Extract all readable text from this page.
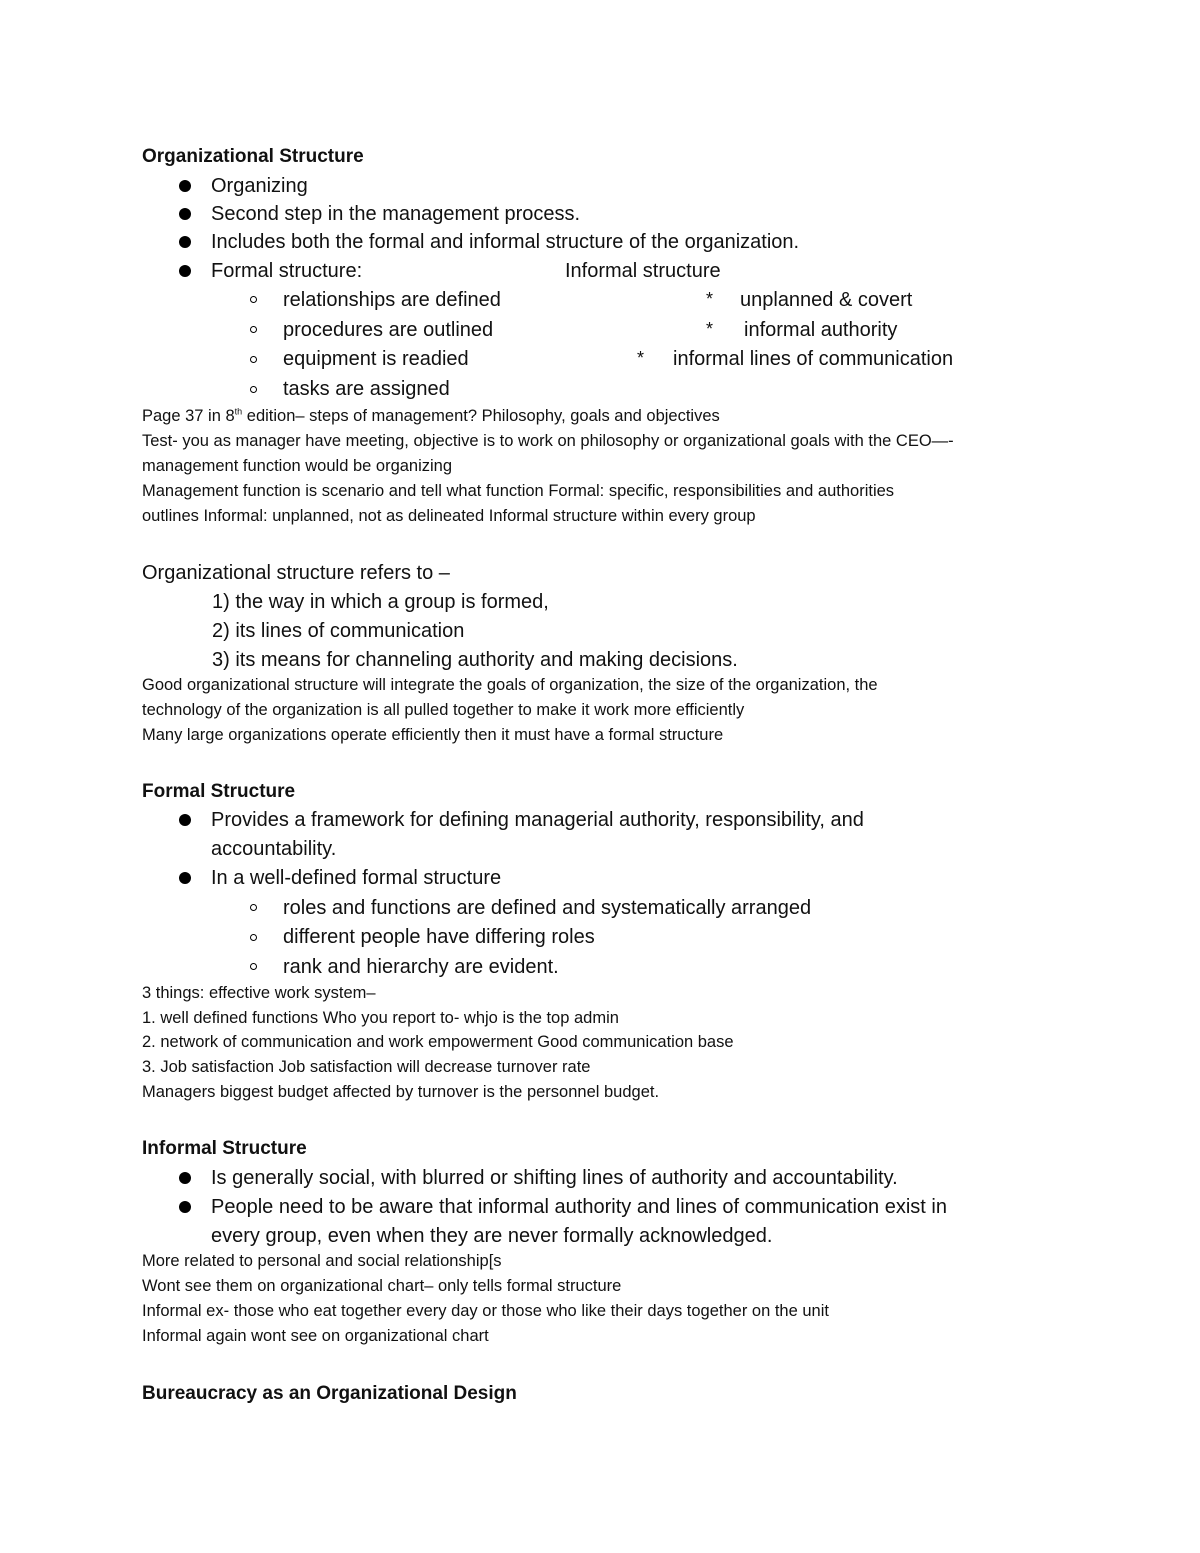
Organizational Structure
Organizing
Second step in the management process.
Includes both the formal and informal structure of the organization.
Formal structure:	Informal structure
relationships are defined	* unplanned & covert
procedures are outlined	* informal authority
equipment is readied	* informal lines of communication
tasks are assigned
Page 37 in 8th edition– steps of management? Philosophy, goals and objectives
Test- you as manager have meeting, objective is to work on philosophy or organizational goals with the CEO—-
management function would be organizing
Management function is scenario and tell what function Formal: specific, responsibilities and authorities
outlines Informal: unplanned, not as delineated Informal structure within every group
Organizational structure refers to –
1) the way in which a group is formed,
2) its lines of communication
3) its means for channeling authority and making decisions.
Good organizational structure will integrate the goals of organization, the size of the organization, the
technology of the organization is all pulled together to make it work more efficiently
Many large organizations operate efficiently then it must have a formal structure
Formal Structure
Provides a framework for defining managerial authority, responsibility, and
accountability.
In a well-defined formal structure
roles and functions are defined and systematically arranged
different people have differing roles
rank and hierarchy are evident.
3 things: effective work system–
1. well defined functions Who you report to- whjo is the top admin
2. network of communication and work empowerment Good communication base
3. Job satisfaction Job satisfaction will decrease turnover rate
Managers biggest budget affected by turnover is the personnel budget.
Informal Structure
Is generally social, with blurred or shifting lines of authority and accountability.
People need to be aware that informal authority and lines of communication exist in
every group, even when they are never formally acknowledged.
More related to personal and social relationship[s
Wont see them on organizational chart– only tells formal structure
Informal ex- those who eat together every day or those who like their days together on the unit
Informal again wont see on organizational chart
Bureaucracy as an Organizational Design
